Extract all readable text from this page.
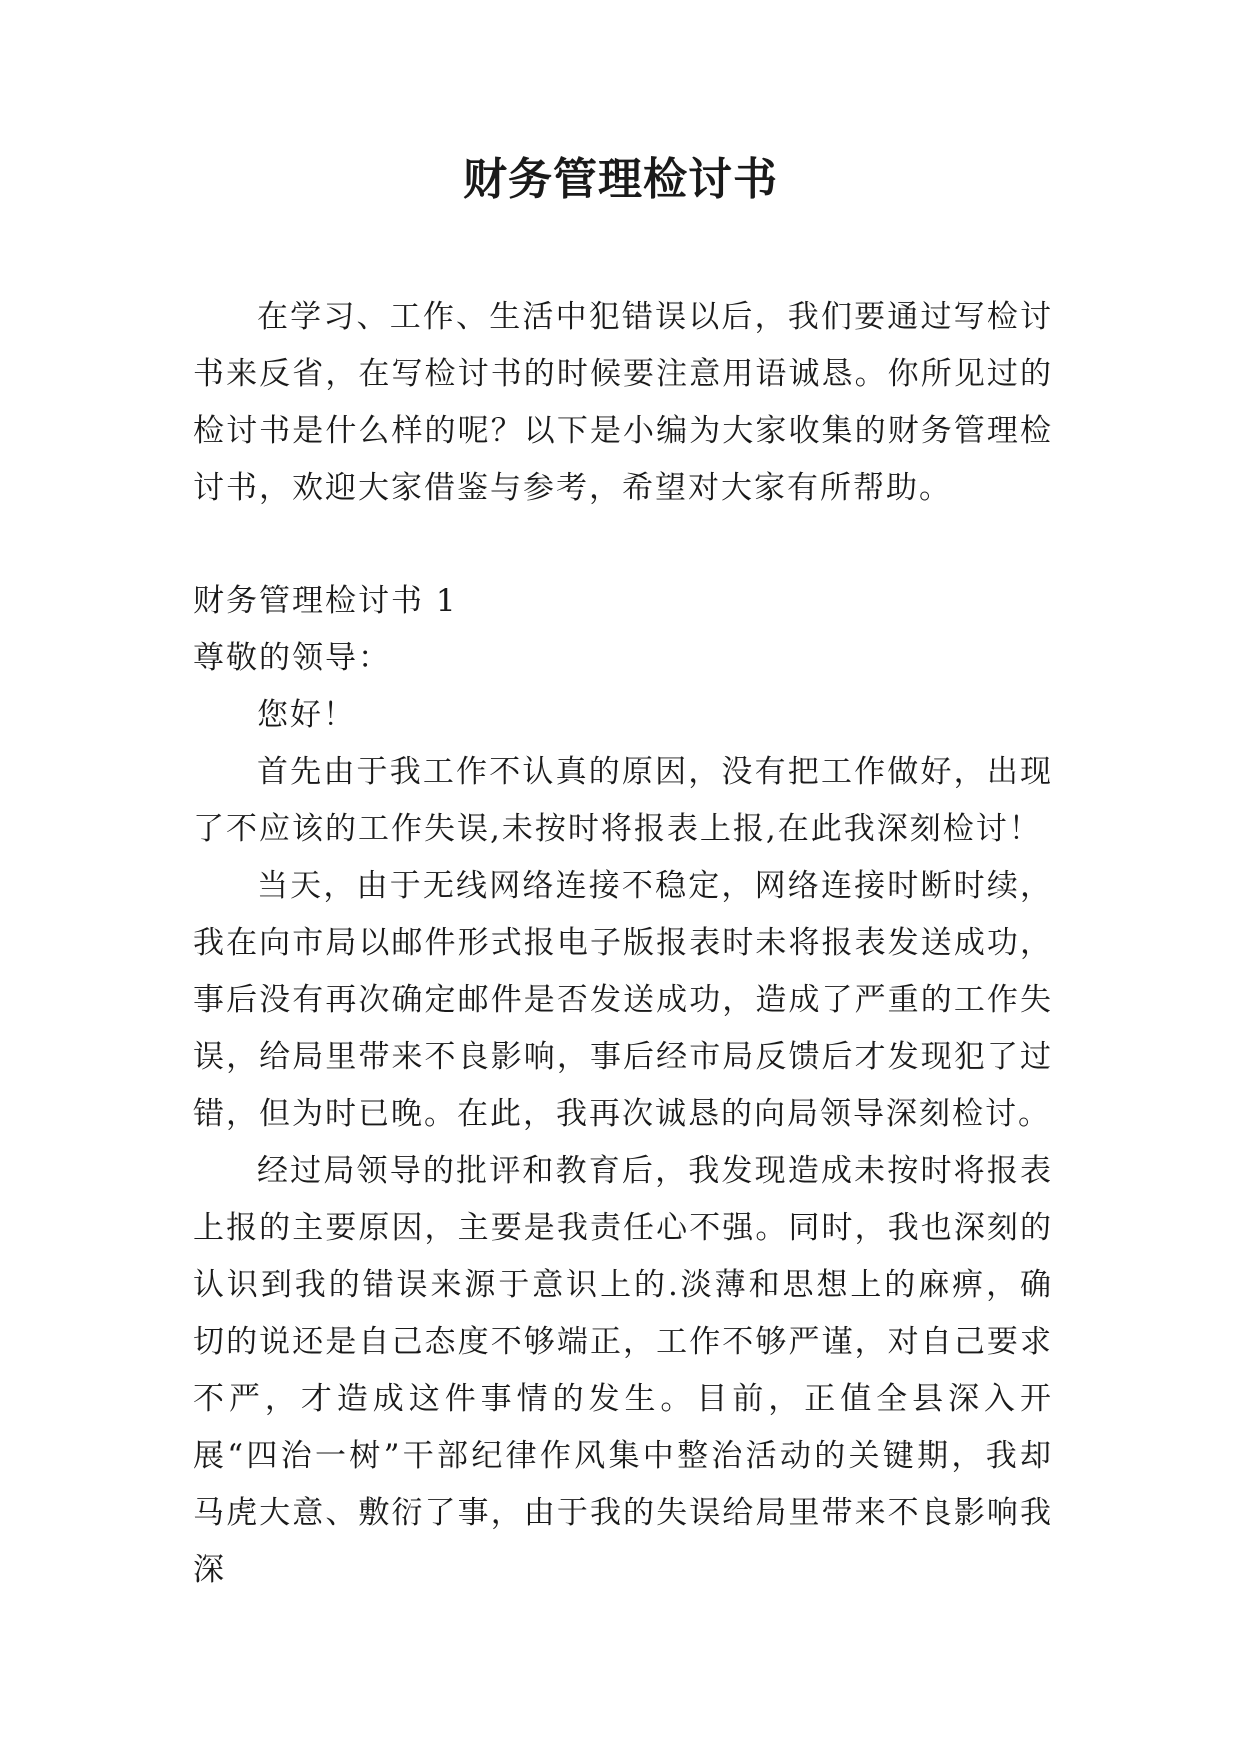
财务管理检讨书

在学习、工作、生活中犯错误以后，我们要通过写检讨书来反省，在写检讨书的时候要注意用语诚恳。你所见过的检讨书是什么样的呢？以下是小编为大家收集的财务管理检讨书，欢迎大家借鉴与参考，希望对大家有所帮助。

财务管理检讨书 1

尊敬的领导：

您好！

首先由于我工作不认真的原因，没有把工作做好，出现了不应该的工作失误,未按时将报表上报,在此我深刻检讨！

当天，由于无线网络连接不稳定，网络连接时断时续，我在向市局以邮件形式报电子版报表时未将报表发送成功，事后没有再次确定邮件是否发送成功，造成了严重的工作失误，给局里带来不良影响，事后经市局反馈后才发现犯了过错，但为时已晚。在此，我再次诚恳的向局领导深刻检讨。

经过局领导的批评和教育后，我发现造成未按时将报表上报的主要原因，主要是我责任心不强。同时，我也深刻的认识到我的错误来源于意识上的.淡薄和思想上的麻痹，确切的说还是自己态度不够端正，工作不够严谨，对自己要求不严，才造成这件事情的发生。目前，正值全县深入开展“四治一树”干部纪律作风集中整治活动的关键期，我却马虎大意、敷衍了事，由于我的失误给局里带来不良影响我深
